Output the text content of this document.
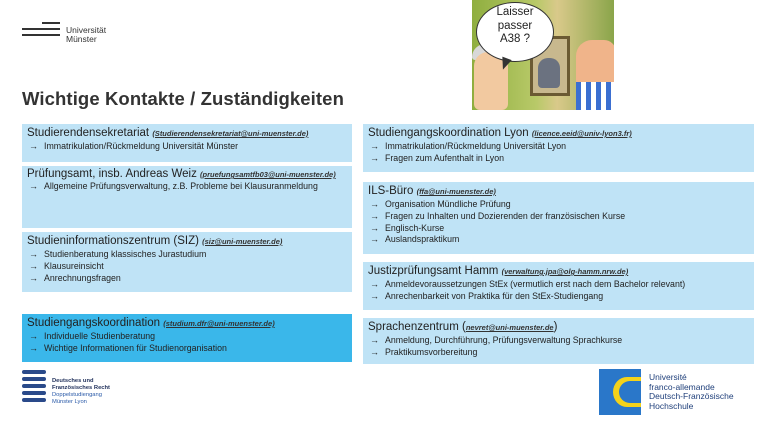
Universität
Münster
Laisser
passer
A38 ?
Wichtige Kontakte / Zuständigkeiten
Studierendensekretariat (Studierendensekretariat@uni-muenster.de)
→ Immatrikulation/Rückmeldung Universität Münster
Prüfungsamt, insb. Andreas Weiz (pruefungsamtfb03@uni-muenster.de)
→ Allgemeine Prüfungsverwaltung, z.B. Probleme bei Klausuranmeldung
Studieninformationszentrum (SIZ) (siz@uni-muenster.de)
→ Studienberatung klassisches Jurastudium
→ Klausureinsicht
→ Anrechnungsfragen
Studiengangskoordination (studium.dfr@uni-muenster.de)
→ Individuelle Studienberatung
→ Wichtige Informationen für Studienorganisation
Studiengangskoordination Lyon (licence.eeid@univ-lyon3.fr)
→ Immatrikulation/Rückmeldung Universität Lyon
→ Fragen zum Aufenthalt in Lyon
ILS-Büro (ffa@uni-muenster.de)
→ Organisation Mündliche Prüfung
→ Fragen zu Inhalten und Dozierenden der französischen Kurse
→ Englisch-Kurse
→ Auslandspraktikum
Justizprüfungsamt Hamm (verwaltung.jpa@olg-hamm.nrw.de)
→ Anmeldevoraussetzungen StEx (vermutlich erst nach dem Bachelor relevant)
→ Anrechenbarkeit von Praktika für den StEx-Studiengang
Sprachenzentrum (nevret@uni-muenster.de)
→ Anmeldung, Durchführung, Prüfungsverwaltung Sprachkurse
→ Praktikumsvorbereitung
Deutsches und
Französisches Recht
Doppelstudiengang
Münster Lyon
Université
franco-allemande
Deutsch-Französische
Hochschule
